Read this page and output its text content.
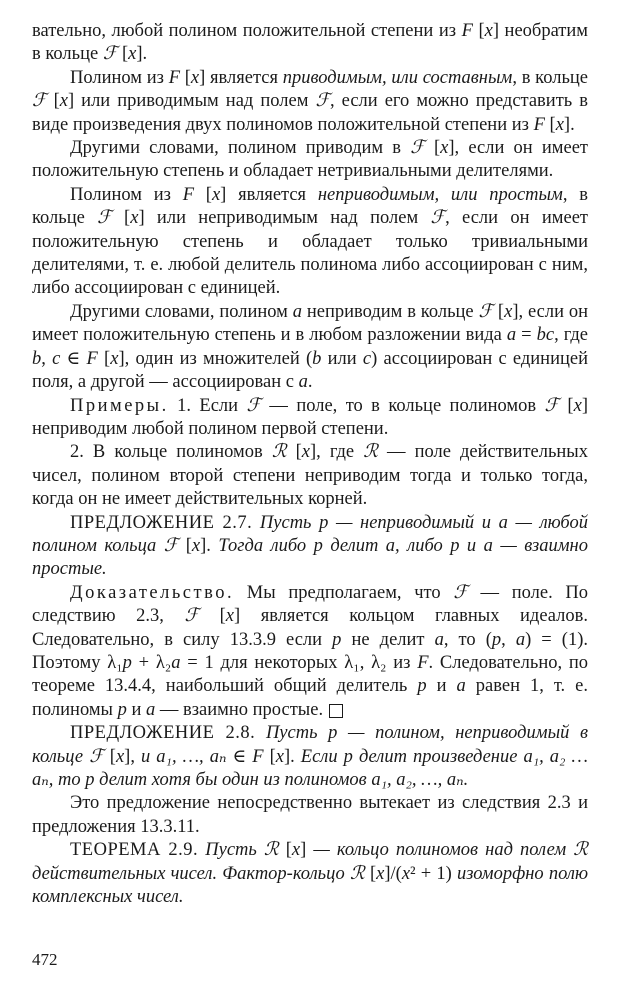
вательно, любой полином положительной степени из F [x] необратим в кольце ℱ [x].

Полином из F [x] является приводимым, или составным, в кольце ℱ [x] или приводимым над полем ℱ, если его можно представить в виде произведения двух полиномов положительной степени из F [x].

Другими словами, полином приводим в ℱ [x], если он имеет положительную степень и обладает нетривиальными делителями.

Полином из F [x] является неприводимым, или простым, в кольце ℱ [x] или неприводимым над полем ℱ, если он имеет положительную степень и обладает только тривиальными делителями, т. е. любой делитель полинома либо ассоциирован с ним, либо ассоциирован с единицей.

Другими словами, полином a неприводим в кольце ℱ [x], если он имеет положительную степень и в любом разложении вида a = bc, где b, c ∈ F [x], один из множителей (b или c) ассоциирован с единицей поля, а другой — ассоциирован с a.

Примеры. 1. Если ℱ — поле, то в кольце полиномов ℱ [x] неприводим любой полином первой степени.

2. В кольце полиномов ℛ [x], где ℛ — поле действительных чисел, полином второй степени неприводим тогда и только тогда, когда он не имеет действительных корней.

ПРЕДЛОЖЕНИЕ 2.7. Пусть p — неприводимый и a — любой полином кольца ℱ [x]. Тогда либо p делит a, либо p и a — взаимно простые.

Доказательство. Мы предполагаем, что ℱ — поле. По следствию 2.3, ℱ [x] является кольцом главных идеалов. Следовательно, в силу 13.3.9 если p не делит a, то (p, a) = (1). Поэтому λ₁p + λ₂a = 1 для некоторых λ₁, λ₂ из F. Следовательно, по теореме 13.4.4, наибольший общий делитель p и a равен 1, т. е. полиномы p и a — взаимно простые.

ПРЕДЛОЖЕНИЕ 2.8. Пусть p — полином, неприводимый в кольце ℱ [x], и a₁, …, aₙ ∈ F [x]. Если p делит произведение a₁, a₂ … aₙ, то p делит хотя бы один из полиномов a₁, a₂, …, aₙ.

Это предложение непосредственно вытекает из следствия 2.3 и предложения 13.3.11.

ТЕОРЕМА 2.9. Пусть ℛ [x] — кольцо полиномов над полем ℛ действительных чисел. Фактор-кольцо ℛ [x]/(x² + 1) изоморфно полю комплексных чисел.

472
